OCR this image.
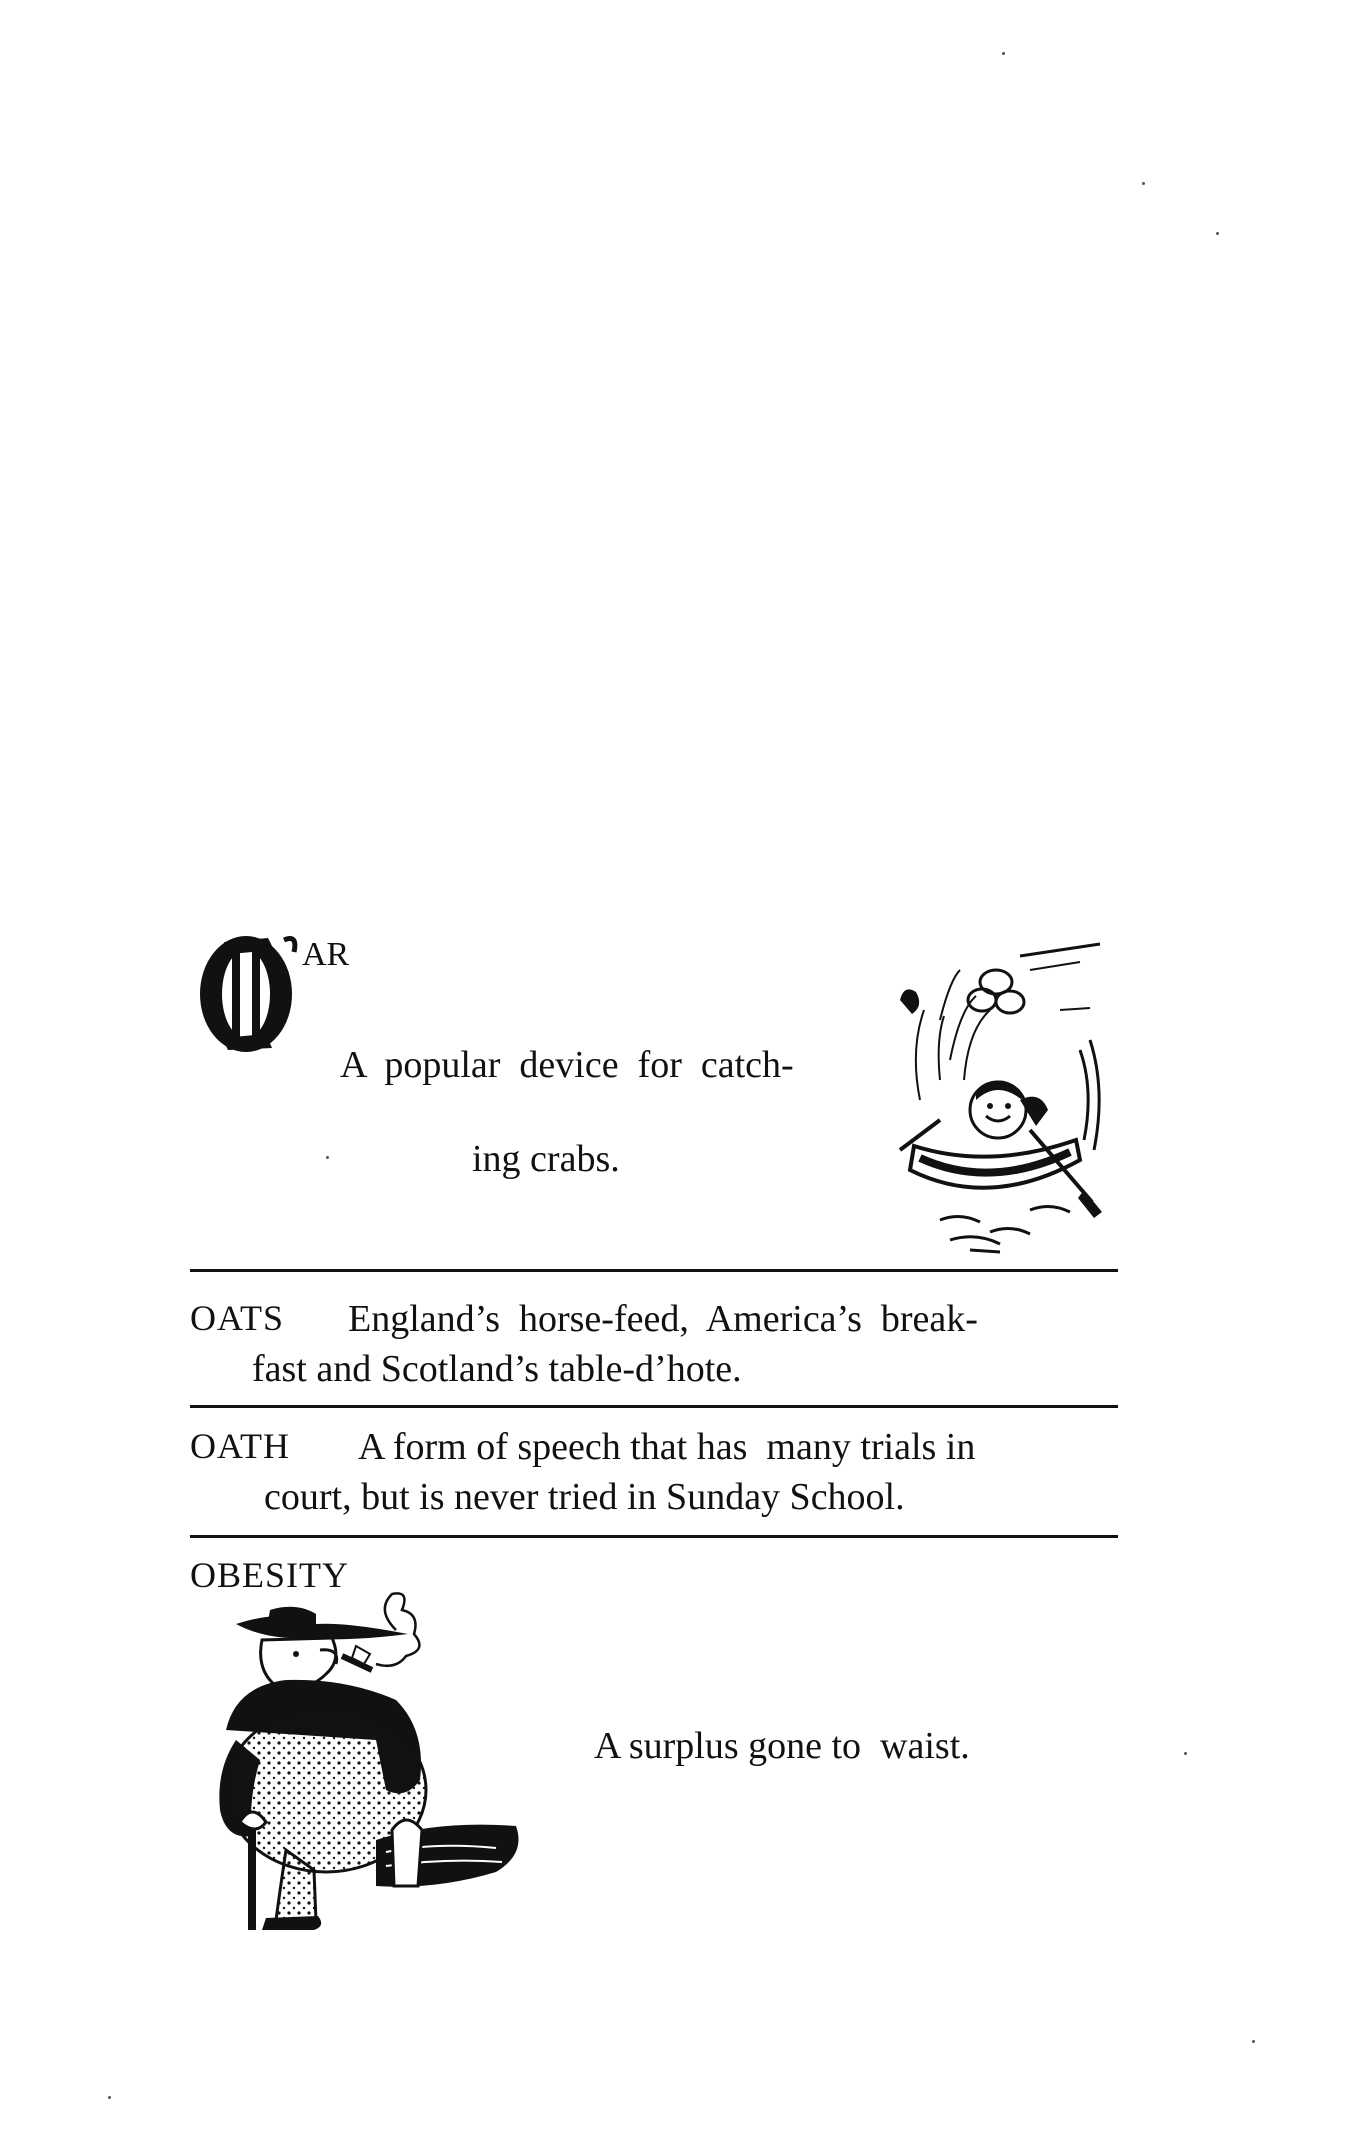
AR
A  popular  device  for  catch-
ing crabs.
OATS England’s  horse-feed,  America’s  break-
fast and Scotland’s table-d’hote.
OATH A form of speech that has  many trials in
court, but is never tried in Sunday School.
OBESITY
A surplus gone to  waist.
